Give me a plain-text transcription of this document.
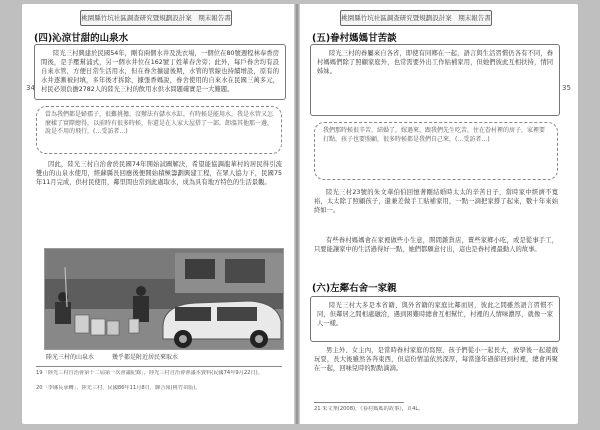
桃園縣竹坑社區調查研究暨規劃設計案　期末報告書
34
(四)沁涼甘甜的山泉水

陸光三村興建於民國54年，剛有兩個水井及洗衣場，一個位在80號週程林奉香房間後，是手壓幫浦式，另一個水井位在162號丁姓華春舍旁；此外，每戶眷舍均有設自來水管，方便日常生活用水，但在眷舍擴建後期，水管的管線也持續增設，原有的水井逐漸被封填，多年後才拆除，據張香媽說，眷舍使用的自來水在民國三萬多元，村民必須負擔2782人的陸光三村的飲用水供水問題確實是一大難題。

當為我們都是婦孺子，很難挑擔，沒辦法有儲水水缸，有時候是能用水，我是水管又怎麼樣了實際總得，以前時有很多時候，你還是在人家大屋搭了一部，卸溫其他那一邊，說是不用的飛行，(…受訪者…)

因此，陸光三村自治會於民國74年開始試圖解決，希望能協調龍華村的居民得引流雙山的山泉水使用，經蘇縣長回應後便開始積極籌劃興建工程，在眾人協力下，民國75年11月完成，供村民使用，鄰里間也常到此處取水，成為具有地方特色的生活景觀。

陸光三村的山泉水　　　幾乎都是附近居民來取水
19「陸光三村自治會第十二屆第一次會議紀錄」，陸光三村自治會會議本資料(民國74年9月22日)。
20「李縣長承轉」，陸光三村，民國86年11月8日，聯合報(桃竹苗版)。
桃園縣竹坑社區調查研究暨規劃設計案　期末報告書
35
(五)眷村媽媽甘苦談

陸光三村的眷屬來自各省，即使有同鄉在一起，語言與生活習慣仍各有不同，眷村媽媽們除了照顧家庭外，也常需要外出工作貼補家用，但她們彼此互相扶持，情同姊妹。

我們那時候很辛苦，結婚了，嫁過來，跟我們先生吃苦，住在眷村裡的房子，家裡要打點，孩子也要照顧，很多時候都是我們自己來，(…受訪者…)

陸光三村23號的朱文華伯伯回憶著剛結婚時太太的辛苦日子，當時家中經濟不寬裕，太太除了照顧孩子，還兼差做手工貼補家用，一點一滴把家撐了起來，數十年來始終如一。

有些眷村媽媽會在家裡做些小生意，開間雜貨店，賣些家鄉小吃，或是從事手工，只要能讓家中的生活過得好一點，她們都願意付出，這也是眷村裡最動人的故事。

(六)左鄰右舍一家親

陸光三村大多是本省籍、與外省籍的家庭比鄰而居，彼此之間雖然語言習慣不同，但鄰居之間相處融洽，遇到困難時總會互相幫忙，村裡的人情味濃厚，就像一家人一樣。

男主外、女主內，是當時眷村家庭的寫照，孩子們從小一起長大，放學後一起遊戲玩耍，長大後雖然各奔東西，但這份情誼依然深厚，每當逢年過節回到村裡，總會再聚在一起，回味兒時的點點滴滴。

21 朱文華(2008)，《眷村媽媽的故事》，頁4L。
